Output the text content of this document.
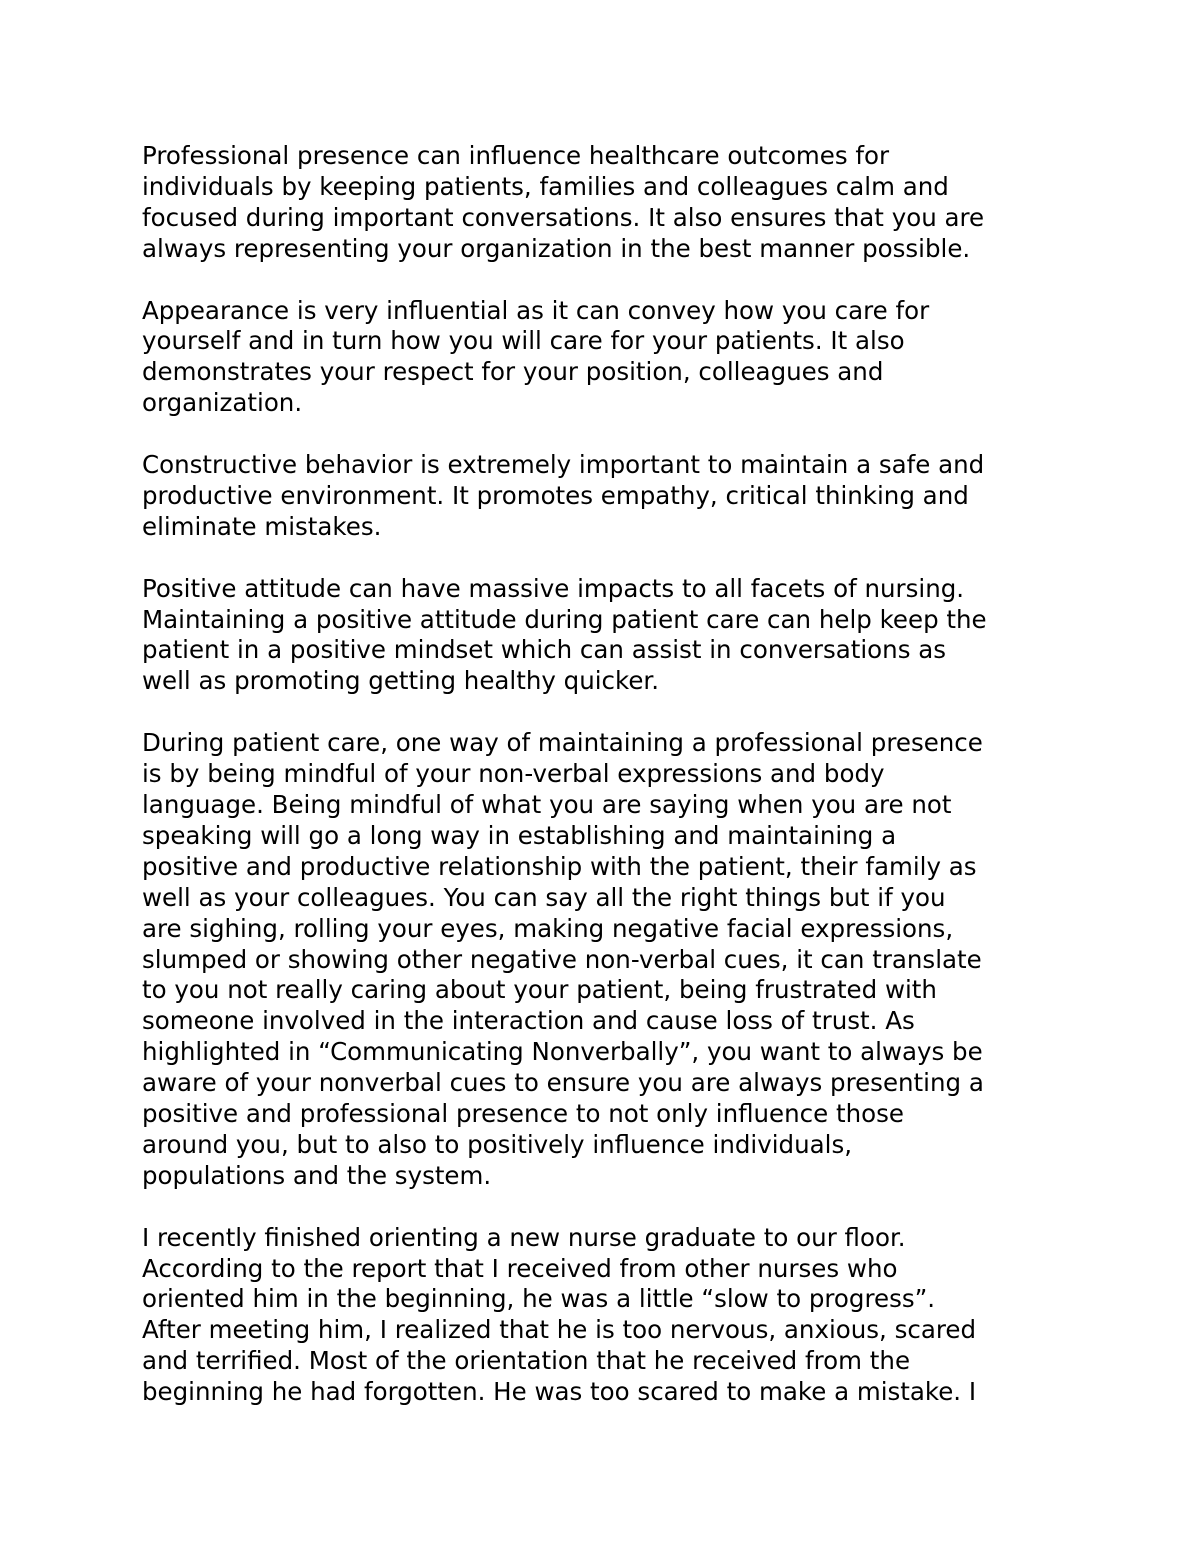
Professional presence can influence healthcare outcomes for
individuals by keeping patients, families and colleagues calm and
focused during important conversations. It also ensures that you are
always representing your organization in the best manner possible.

Appearance is very influential as it can convey how you care for
yourself and in turn how you will care for your patients. It also
demonstrates your respect for your position, colleagues and
organization.

Constructive behavior is extremely important to maintain a safe and
productive environment. It promotes empathy, critical thinking and
eliminate mistakes.

Positive attitude can have massive impacts to all facets of nursing.
Maintaining a positive attitude during patient care can help keep the
patient in a positive mindset which can assist in conversations as
well as promoting getting healthy quicker.

During patient care, one way of maintaining a professional presence
is by being mindful of your non-verbal expressions and body
language. Being mindful of what you are saying when you are not
speaking will go a long way in establishing and maintaining a
positive and productive relationship with the patient, their family as
well as your colleagues. You can say all the right things but if you
are sighing, rolling your eyes, making negative facial expressions,
slumped or showing other negative non-verbal cues, it can translate
to you not really caring about your patient, being frustrated with
someone involved in the interaction and cause loss of trust. As
highlighted in “Communicating Nonverbally”, you want to always be
aware of your nonverbal cues to ensure you are always presenting a
positive and professional presence to not only influence those
around you, but to also to positively influence individuals,
populations and the system.

I recently finished orienting a new nurse graduate to our floor.
According to the report that I received from other nurses who
oriented him in the beginning, he was a little “slow to progress”.
After meeting him, I realized that he is too nervous, anxious, scared
and terrified. Most of the orientation that he received from the
beginning he had forgotten. He was too scared to make a mistake. I
